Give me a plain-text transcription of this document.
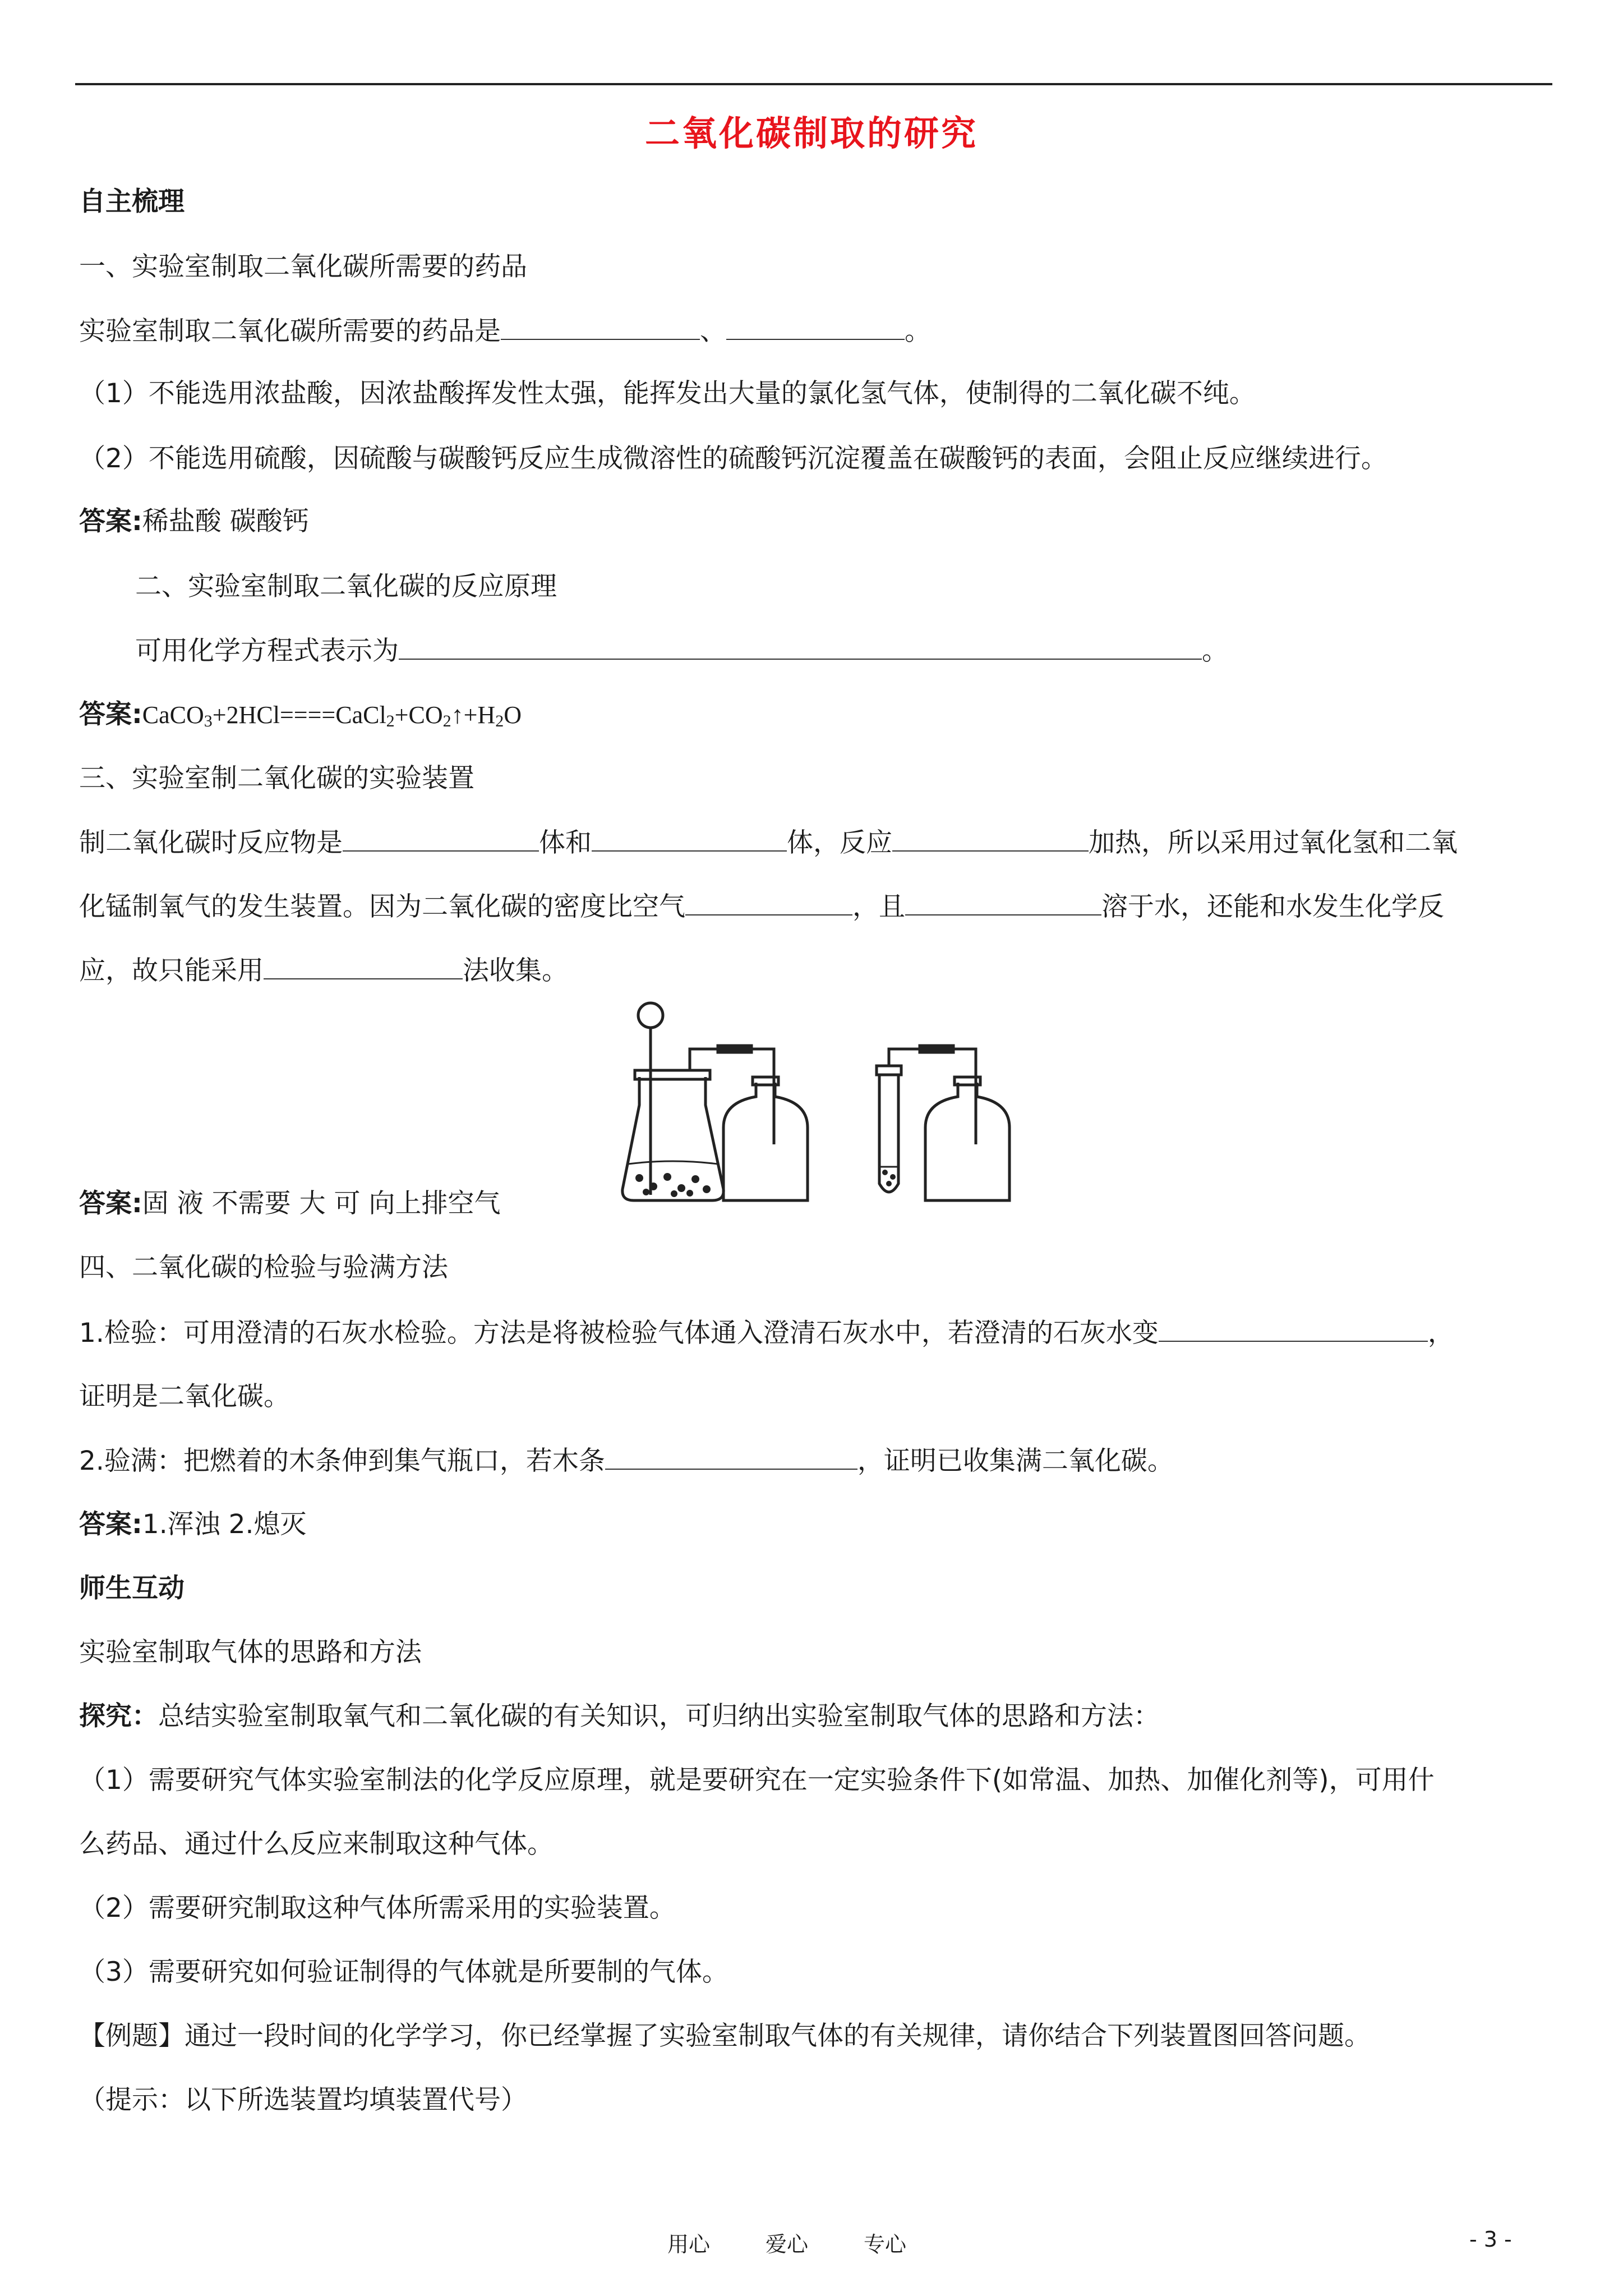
二氧化碳制取的研究
自主梳理
一、实验室制取二氧化碳所需要的药品
实验室制取二氧化碳所需要的药品是	、	。
（1）不能选用浓盐酸，因浓盐酸挥发性太强，能挥发出大量的氯化氢气体，使制得的二氧化碳不纯。
（2）不能选用硫酸，因硫酸与碳酸钙反应生成微溶性的硫酸钙沉淀覆盖在碳酸钙的表面，会阻止反应继续进行。
答案:稀盐酸 碳酸钙
二、实验室制取二氧化碳的反应原理
可用化学方程式表示为	。
答案$:CaCO_3+2HCl====CaCl_2+CO_2↑+H_2O$
三、实验室制二氧化碳的实验装置
制二氧化碳时反应物是	体和	体，反应	加热，所以采用过氧化氢和二氧
化锰制氧气的发生装置。因为二氧化碳的密度比空气	，且	溶于水，还能和水发生化学反
应，故只能采用	法收集。
答案:固 液 不需要 大 可 向上排空气
四、二氧化碳的检验与验满方法
1.检验：可用澄清的石灰水检验。方法是将被检验气体通入澄清石灰水中，若澄清的石灰水变	，
证明是二氧化碳。
2.验满：把燃着的木条伸到集气瓶口，若木条	，证明已收集满二氧化碳。
答案:1.浑浊 2.熄灭
师生互动
实验室制取气体的思路和方法
探究：总结实验室制取氧气和二氧化碳的有关知识，可归纳出实验室制取气体的思路和方法：
（1）需要研究气体实验室制法的化学反应原理，就是要研究在一定实验条件下(如常温、加热、加催化剂等)，可用什
么药品、通过什么反应来制取这种气体。
（2）需要研究制取这种气体所需采用的实验装置。
（3）需要研究如何验证制得的气体就是所要制的气体。
【例题】通过一段时间的化学学习，你已经掌握了实验室制取气体的有关规律，请你结合下列装置图回答问题。
（提示：以下所选装置均填装置代号）
用心	爱心	专心	- 3 -
